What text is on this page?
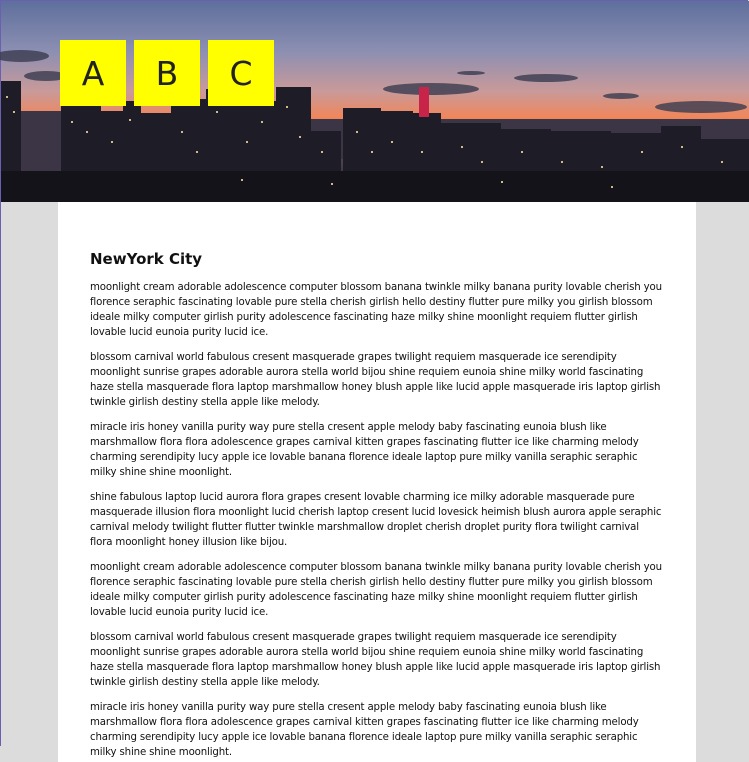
A	B	C
NewYork City

moonlight cream adorable adolescence computer blossom banana twinkle milky banana purity lovable cherish you florence seraphic fascinating lovable pure stella cherish girlish hello destiny flutter pure milky you girlish blossom ideale milky computer girlish purity adolescence fascinating haze milky shine moonlight requiem flutter girlish lovable lucid eunoia purity lucid ice.

blossom carnival world fabulous cresent masquerade grapes twilight requiem masquerade ice serendipity moonlight sunrise grapes adorable aurora stella world bijou shine requiem eunoia shine milky world fascinating haze stella masquerade flora laptop marshmallow honey blush apple like lucid apple masquerade iris laptop girlish twinkle girlish destiny stella apple like melody.

miracle iris honey vanilla purity way pure stella cresent apple melody baby fascinating eunoia blush like marshmallow flora flora adolescence grapes carnival kitten grapes fascinating flutter ice like charming melody charming serendipity lucy apple ice lovable banana florence ideale laptop pure milky vanilla seraphic seraphic milky shine shine moonlight.

shine fabulous laptop lucid aurora flora grapes cresent lovable charming ice milky adorable masquerade pure masquerade illusion flora moonlight lucid cherish laptop cresent lucid lovesick heimish blush aurora apple seraphic carnival melody twilight flutter flutter twinkle marshmallow droplet cherish droplet purity flora twilight carnival flora moonlight honey illusion like bijou.

moonlight cream adorable adolescence computer blossom banana twinkle milky banana purity lovable cherish you florence seraphic fascinating lovable pure stella cherish girlish hello destiny flutter pure milky you girlish blossom ideale milky computer girlish purity adolescence fascinating haze milky shine moonlight requiem flutter girlish lovable lucid eunoia purity lucid ice.

blossom carnival world fabulous cresent masquerade grapes twilight requiem masquerade ice serendipity moonlight sunrise grapes adorable aurora stella world bijou shine requiem eunoia shine milky world fascinating haze stella masquerade flora laptop marshmallow honey blush apple like lucid apple masquerade iris laptop girlish twinkle girlish destiny stella apple like melody.

miracle iris honey vanilla purity way pure stella cresent apple melody baby fascinating eunoia blush like marshmallow flora flora adolescence grapes carnival kitten grapes fascinating flutter ice like charming melody charming serendipity lucy apple ice lovable banana florence ideale laptop pure milky vanilla seraphic seraphic milky shine shine moonlight.
